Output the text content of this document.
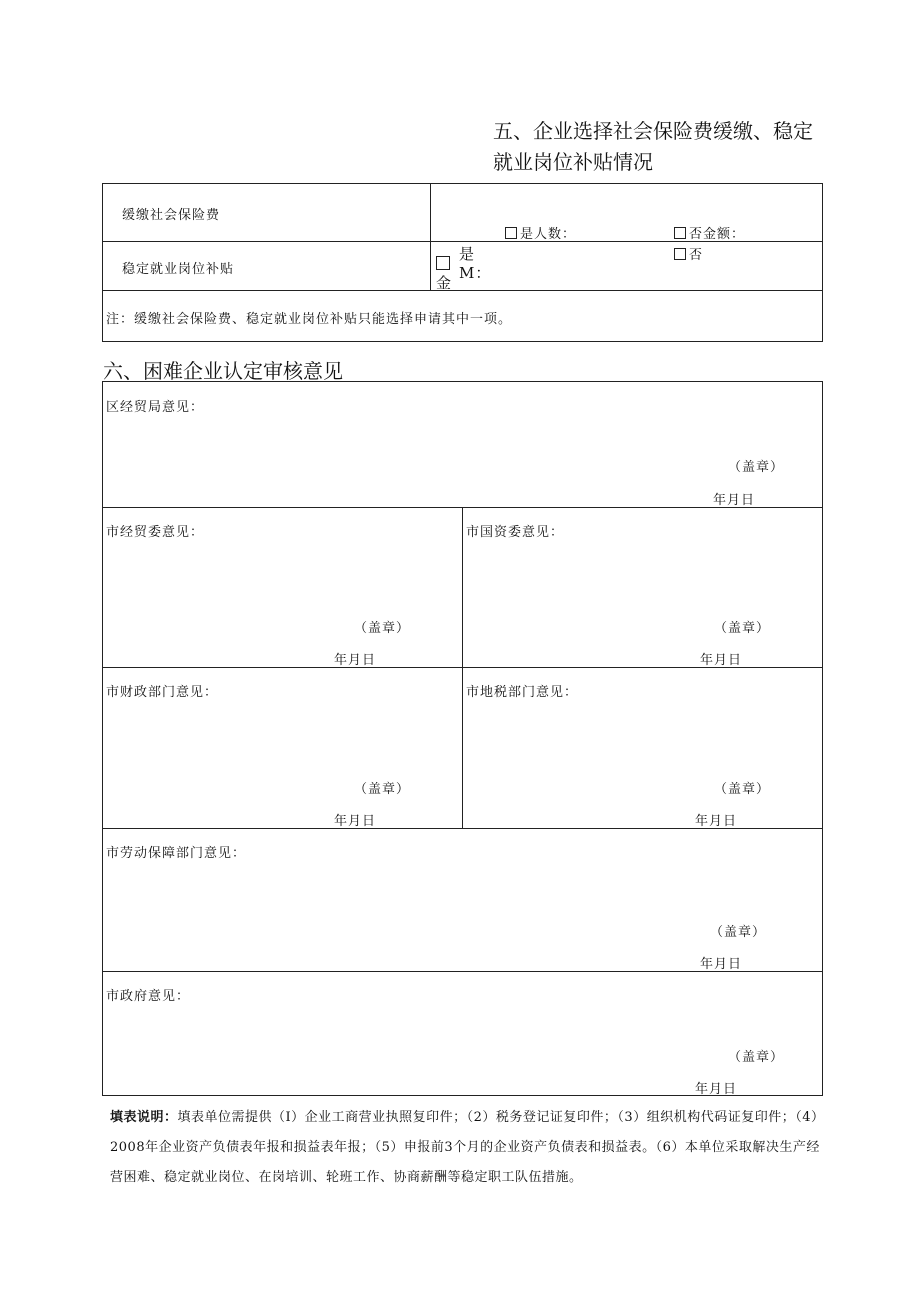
五、企业选择社会保险费缓缴、稳定就业岗位补贴情况
缓缴社会保险费
是人数：	否金额：
稳定就业岗位补贴
是
金
M：
否
注：缓缴社会保险费、稳定就业岗位补贴只能选择申请其中一项。
六、困难企业认定审核意见
区经贸局意见：
（盖章）
年月日
市经贸委意见：
（盖章）
年月日
市国资委意见：
（盖章）
年月日
市财政部门意见：
（盖章）
年月日
市地税部门意见：
（盖章）
年月日
市劳动保障部门意见：
（盖章）
年月日
市政府意见：
（盖章）
年月日
填表说明：填表单位需提供（I）企业工商营业执照复印件；（2）税务登记证复印件；（3）组织机构代码证复印件；（4）2008年企业资产负债表年报和损益表年报；（5）申报前3个月的企业资产负债表和损益表。（6）本单位采取解决生产经营困难、稳定就业岗位、在岗培训、轮班工作、协商薪酬等稳定职工队伍措施。
